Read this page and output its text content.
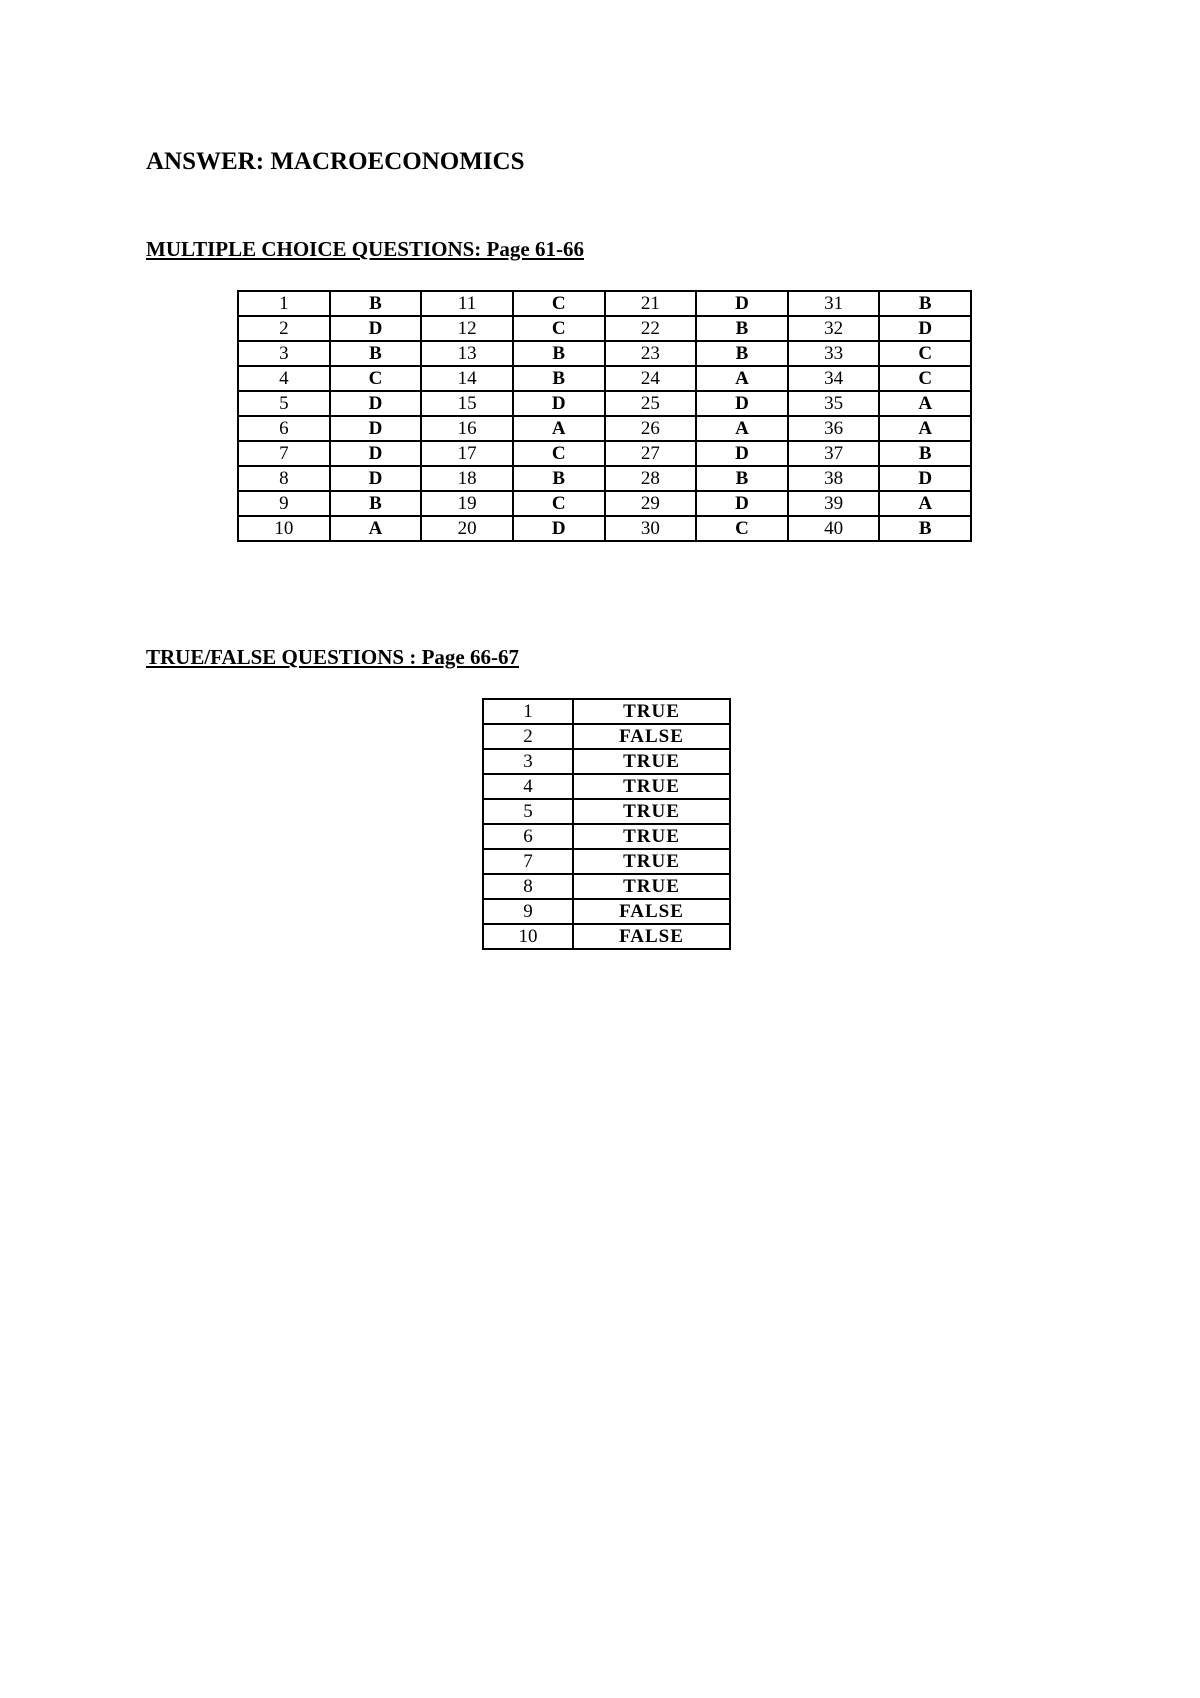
ANSWER: MACROECONOMICS
MULTIPLE CHOICE QUESTIONS: Page 61-66
1	B	11	C	21	D	31	B
2	D	12	C	22	B	32	D
3	B	13	B	23	B	33	C
4	C	14	B	24	A	34	C
5	D	15	D	25	D	35	A
6	D	16	A	26	A	36	A
7	D	17	C	27	D	37	B
8	D	18	B	28	B	38	D
9	B	19	C	29	D	39	A
10	A	20	D	30	C	40	B
TRUE/FALSE QUESTIONS : Page 66-67
1	TRUE
2	FALSE
3	TRUE
4	TRUE
5	TRUE
6	TRUE
7	TRUE
8	TRUE
9	FALSE
10	FALSE
